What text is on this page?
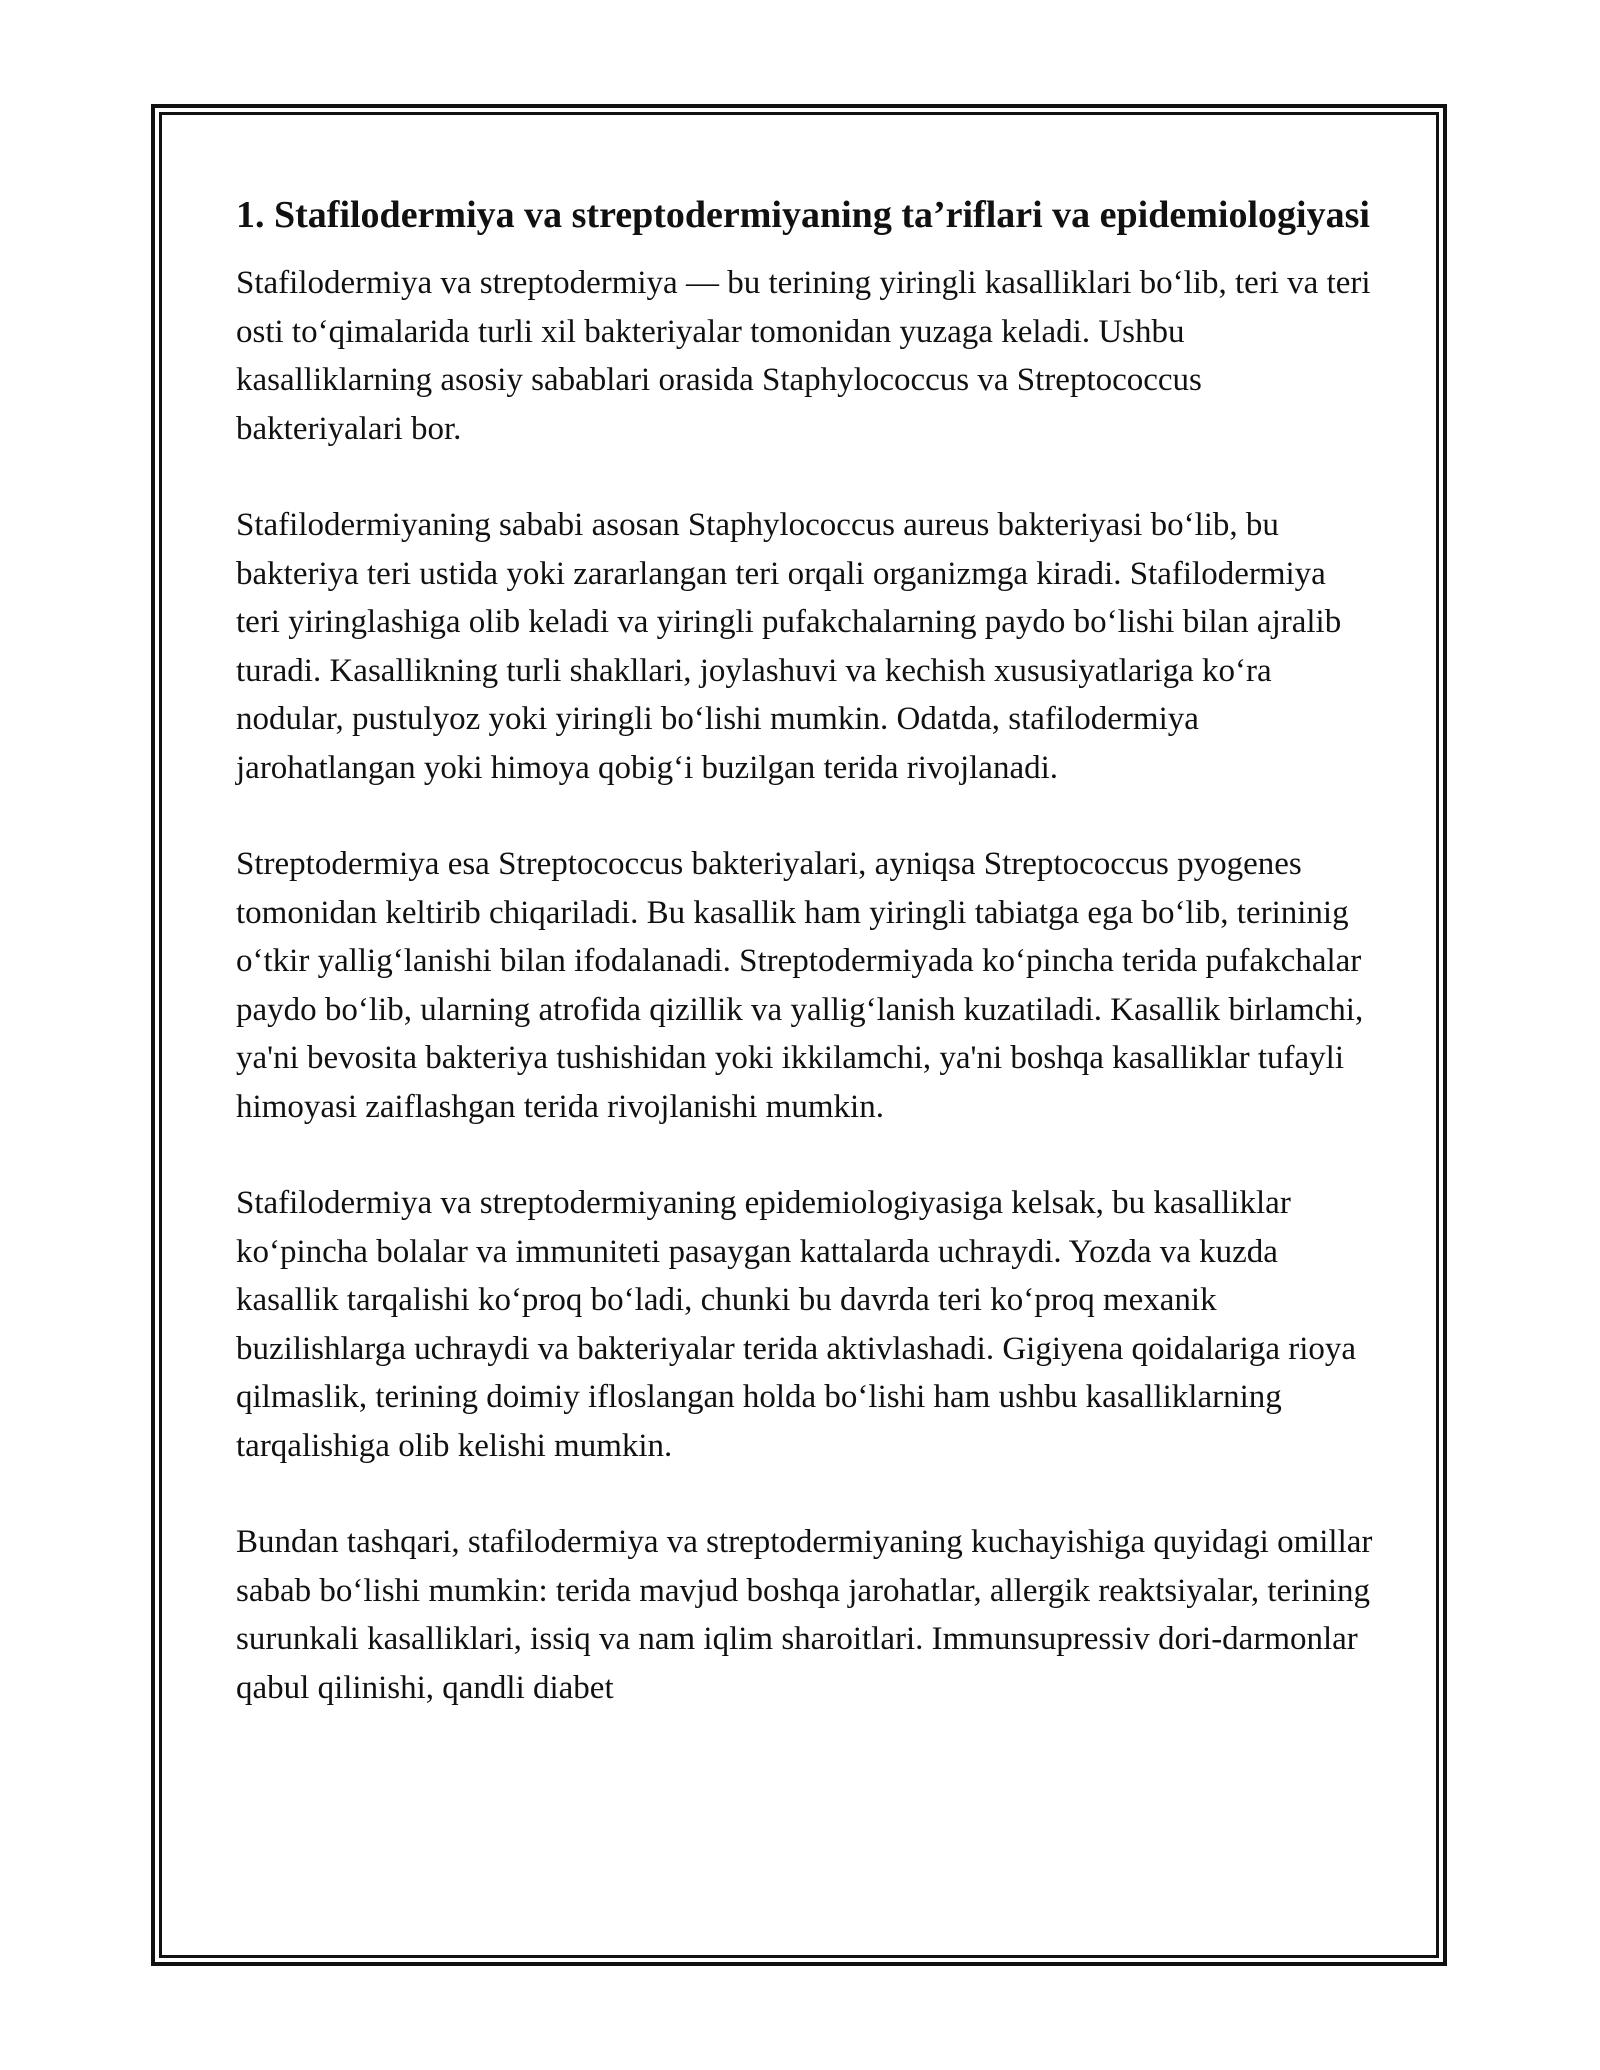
1. Stafilodermiya va streptodermiyaning ta’riflari va epidemiologiyasi

Stafilodermiya va streptodermiya — bu terining yiringli kasalliklari bo‘lib, teri va teri osti to‘qimalarida turli xil bakteriyalar tomonidan yuzaga keladi. Ushbu kasalliklarning asosiy sabablari orasida Staphylococcus va Streptococcus bakteriyalari bor.

Stafilodermiyaning sababi asosan Staphylococcus aureus bakteriyasi bo‘lib, bu bakteriya teri ustida yoki zararlangan teri orqali organizmga kiradi. Stafilodermiya teri yiringlashiga olib keladi va yiringli pufakchalarning paydo bo‘lishi bilan ajralib turadi. Kasallikning turli shakllari, joylashuvi va kechish xususiyatlariga ko‘ra nodular, pustulyoz yoki yiringli bo‘lishi mumkin. Odatda, stafilodermiya jarohatlangan yoki himoya qobig‘i buzilgan terida rivojlanadi.

Streptodermiya esa Streptococcus bakteriyalari, ayniqsa Streptococcus pyogenes tomonidan keltirib chiqariladi. Bu kasallik ham yiringli tabiatga ega bo‘lib, terininig o‘tkir yallig‘lanishi bilan ifodalanadi. Streptodermiyada ko‘pincha terida pufakchalar paydo bo‘lib, ularning atrofida qizillik va yallig‘lanish kuzatiladi. Kasallik birlamchi, ya'ni bevosita bakteriya tushishidan yoki ikkilamchi, ya'ni boshqa kasalliklar tufayli himoyasi zaiflashgan terida rivojlanishi mumkin.

Stafilodermiya va streptodermiyaning epidemiologiyasiga kelsak, bu kasalliklar ko‘pincha bolalar va immuniteti pasaygan kattalarda uchraydi. Yozda va kuzda kasallik tarqalishi ko‘proq bo‘ladi, chunki bu davrda teri ko‘proq mexanik buzilishlarga uchraydi va bakteriyalar terida aktivlashadi. Gigiyena qoidalariga rioya qilmaslik, terining doimiy ifloslangan holda bo‘lishi ham ushbu kasalliklarning tarqalishiga olib kelishi mumkin.

Bundan tashqari, stafilodermiya va streptodermiyaning kuchayishiga quyidagi omillar sabab bo‘lishi mumkin: terida mavjud boshqa jarohatlar, allergik reaktsiyalar, terining surunkali kasalliklari, issiq va nam iqlim sharoitlari. Immunsupressiv dori-darmonlar qabul qilinishi, qandli diabet
